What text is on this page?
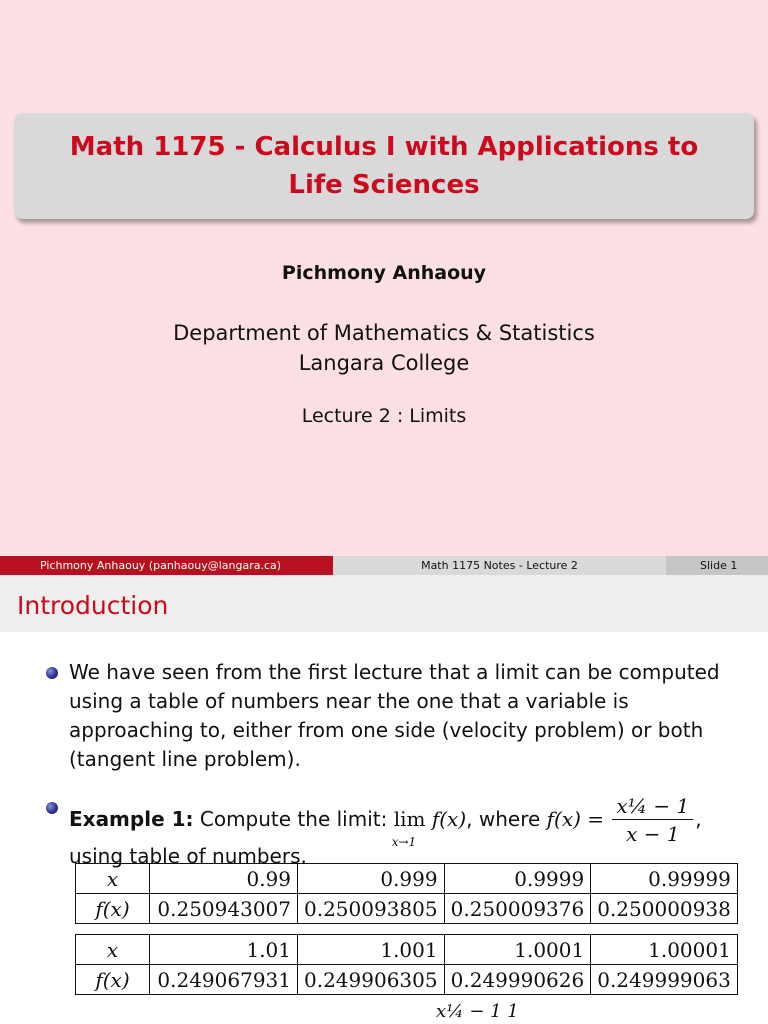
Math 1175 - Calculus I with Applications to Life Sciences
Pichmony Anhaouy
Department of Mathematics & Statistics
Langara College
Lecture 2 : Limits
Pichmony Anhaouy (panhaouy@langara.ca)	Math 1175 Notes - Lecture 2	Slide 1
Introduction
We have seen from the first lecture that a limit can be computed using a table of numbers near the one that a variable is approaching to, either from one side (velocity problem) or both (tangent line problem).
Example 1: Compute the limit: lim
x→1
f(x), where $f(x) = \frac{\text{x¼ − 1}}{x - 1}$ ,
using table of numbers.
x	0.99	0.999	0.9999	0.99999
f(x)	0.250943007	0.250093805	0.250009376	0.250000938
x	1.01	1.001	1.0001	1.00001
f(x)	0.249067931	0.249906305	0.249990626	0.249999063
x¼ − 1 1
